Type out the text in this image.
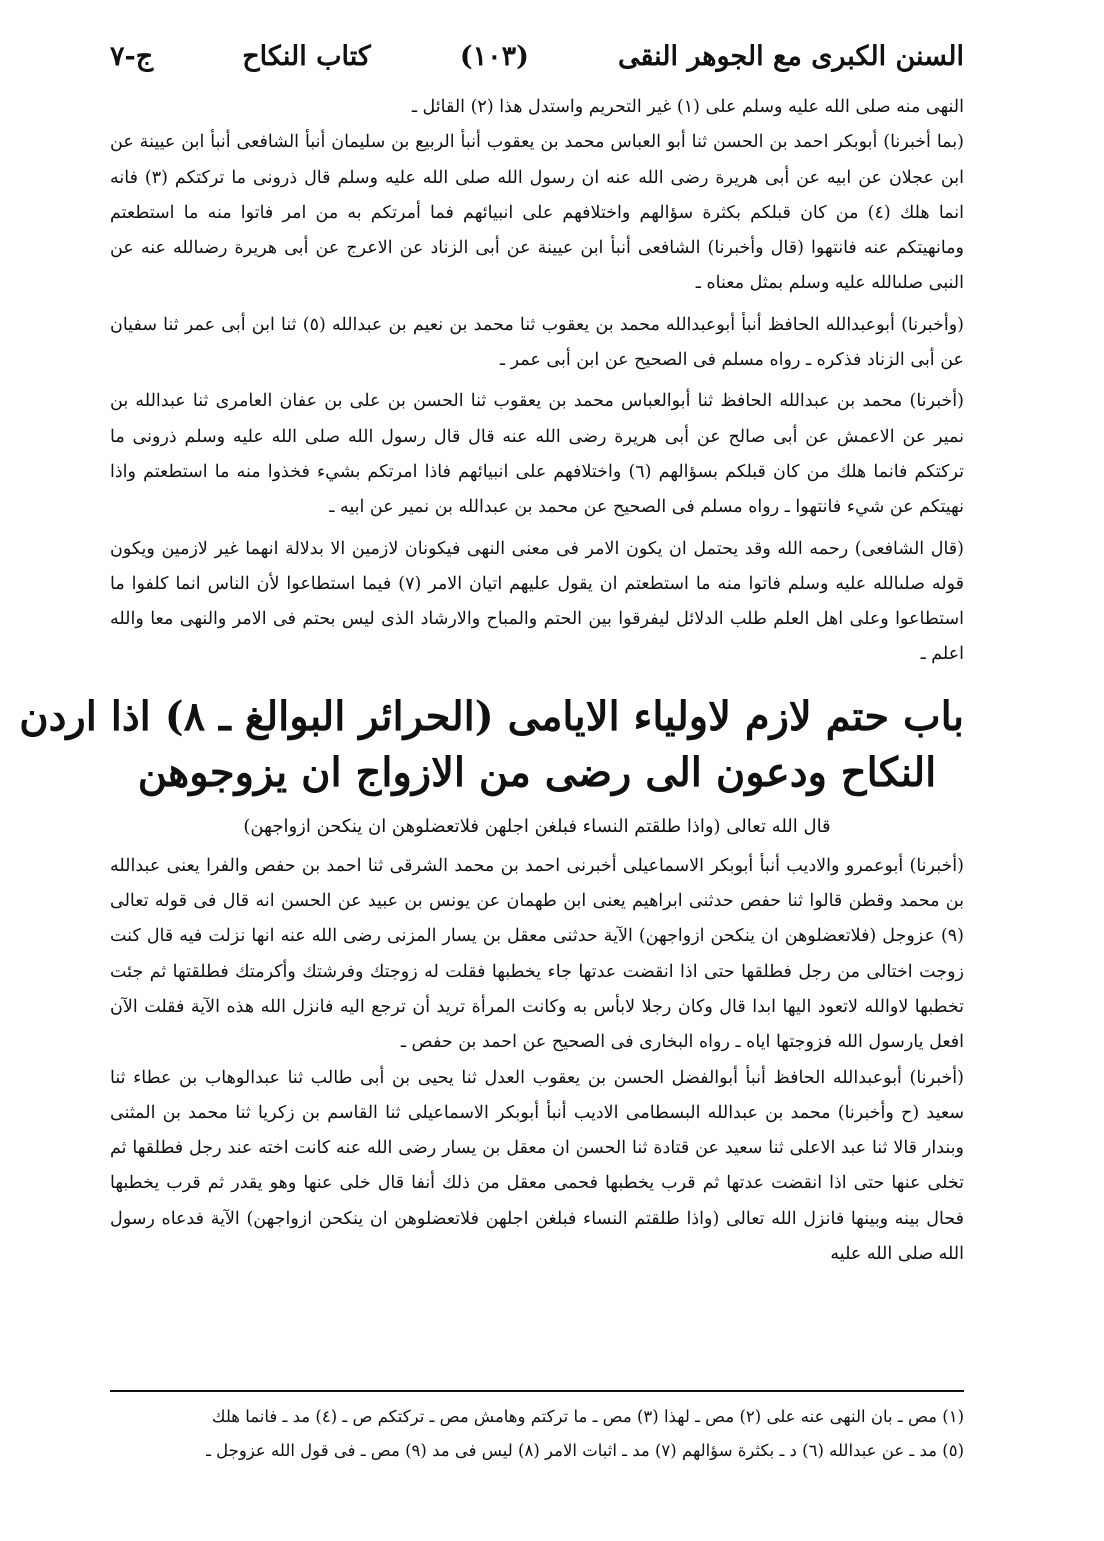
السنن الكبرى مع الجوهر النقى
(١٠٣)
كتاب النكاح
ج-٧

النهى منه صلى الله عليه وسلم على (١) غير التحريم واستدل هذا (٢) القائل ـ

(بما أخبرنا) أبوبكر احمد بن الحسن ثنا أبو العباس محمد بن يعقوب أنبأ الربيع بن سليمان أنبأ الشافعى أنبأ ابن عيينة عن ابن عجلان عن ابيه عن أبى هريرة رضى الله عنه ان رسول الله صلى الله عليه وسلم قال ذرونى ما تركتكم (٣) فانه انما هلك (٤) من كان قبلكم بكثرة سؤالهم واختلافهم على انبيائهم فما أمرتكم به من امر فاتوا منه ما استطعتم ومانهيتكم عنه فانتهوا (قال وأخبرنا) الشافعى أنبأ ابن عيينة عن أبى الزناد عن الاعرج عن أبى هريرة رضىالله عنه عن النبى صلىالله عليه وسلم بمثل معناه ـ

(وأخبرنا) أبوعبدالله الحافظ أنبأ أبوعبدالله محمد بن يعقوب ثنا محمد بن نعيم بن عبدالله (٥) ثنا ابن أبى عمر ثنا سفيان عن أبى الزناد فذكره ـ رواه مسلم فى الصحيح عن ابن أبى عمر ـ

(أخبرنا) محمد بن عبدالله الحافظ ثنا أبوالعباس محمد بن يعقوب ثنا الحسن بن على بن عفان العامرى ثنا عبدالله بن نمير عن الاعمش عن أبى صالح عن أبى هريرة رضى الله عنه قال قال رسول الله صلى الله عليه وسلم ذرونى ما تركتكم فانما هلك من كان قبلكم بسؤالهم (٦) واختلافهم على انبيائهم فاذا امرتكم بشيء فخذوا منه ما استطعتم واذا نهيتكم عن شيء فانتهوا ـ رواه مسلم فى الصحيح عن محمد بن عبدالله بن نمير عن ابيه ـ

(قال الشافعى) رحمه الله وقد يحتمل ان يكون الامر فى معنى النهى فيكونان لازمين الا بدلالة انهما غير لازمين ويكون قوله صلىالله عليه وسلم فاتوا منه ما استطعتم ان يقول عليهم اتيان الامر (٧) فيما استطاعوا لأن الناس انما كلفوا ما استطاعوا وعلى اهل العلم طلب الدلائل ليفرقوا بين الحتم والمباح والارشاد الذى ليس بحتم فى الامر والنهى معا والله اعلم ـ

باب حتم لازم لاولياء الايامى (الحرائر البوالغ ـ ٨) اذا اردن
النكاح ودعون الى رضى من الازواج ان يزوجوهن

قال الله تعالى (واذا طلقتم النساء فبلغن اجلهن فلاتعضلوهن ان ينكحن ازواجهن)

(أخبرنا) أبوعمرو والاديب أنبأ أبوبكر الاسماعيلى أخبرنى احمد بن محمد الشرقى ثنا احمد بن حفص والفرا يعنى عبدالله بن محمد وقطن قالوا ثنا حفص حدثنى ابراهيم يعنى ابن طهمان عن يونس بن عبيد عن الحسن انه قال فى قوله تعالى (٩) عزوجل (فلاتعضلوهن ان ينكحن ازواجهن) الآية حدثنى معقل بن يسار المزنى رضى الله عنه انها نزلت فيه قال كنت زوجت اختالى من رجل فطلقها حتى اذا انقضت عدتها جاء يخطبها فقلت له زوجتك وفرشتك وأكرمتك فطلقتها ثم جئت تخطبها لاوالله لاتعود اليها ابدا قال وكان رجلا لابأس به وكانت المرأة تريد أن ترجع اليه فانزل الله هذه الآية فقلت الآن افعل يارسول الله فزوجتها اياه ـ رواه البخارى فى الصحيح عن احمد بن حفص ـ

(أخبرنا) أبوعبدالله الحافظ أنبأ أبوالفضل الحسن بن يعقوب العدل ثنا يحيى بن أبى طالب ثنا عبدالوهاب بن عطاء ثنا سعيد (ح وأخبرنا) محمد بن عبدالله البسطامى الاديب أنبأ أبوبكر الاسماعيلى ثنا القاسم بن زكريا ثنا محمد بن المثنى وبندار قالا ثنا عبد الاعلى ثنا سعيد عن قتادة ثنا الحسن ان معقل بن يسار رضى الله عنه كانت اخته عند رجل فطلقها ثم تخلى عنها حتى اذا انقضت عدتها ثم قرب يخطبها فحمى معقل من ذلك أنفا قال خلى عنها وهو يقدر ثم قرب يخطبها فحال بينه وبينها فانزل الله تعالى (واذا طلقتم النساء فبلغن اجلهن فلاتعضلوهن ان ينكحن ازواجهن) الآية فدعاه رسول الله صلى الله عليه

(١) مص ـ بان النهى عنه على (٢) مص ـ لهذا (٣) مص ـ ما تركتم وهامش مص ـ تركتكم ص ـ (٤) مد ـ فانما هلك

(٥) مد ـ عن عبدالله (٦) د ـ بكثرة سؤالهم (٧) مد ـ اثبات الامر (٨) ليس فى مد (٩) مص ـ فى قول الله عزوجل ـ
